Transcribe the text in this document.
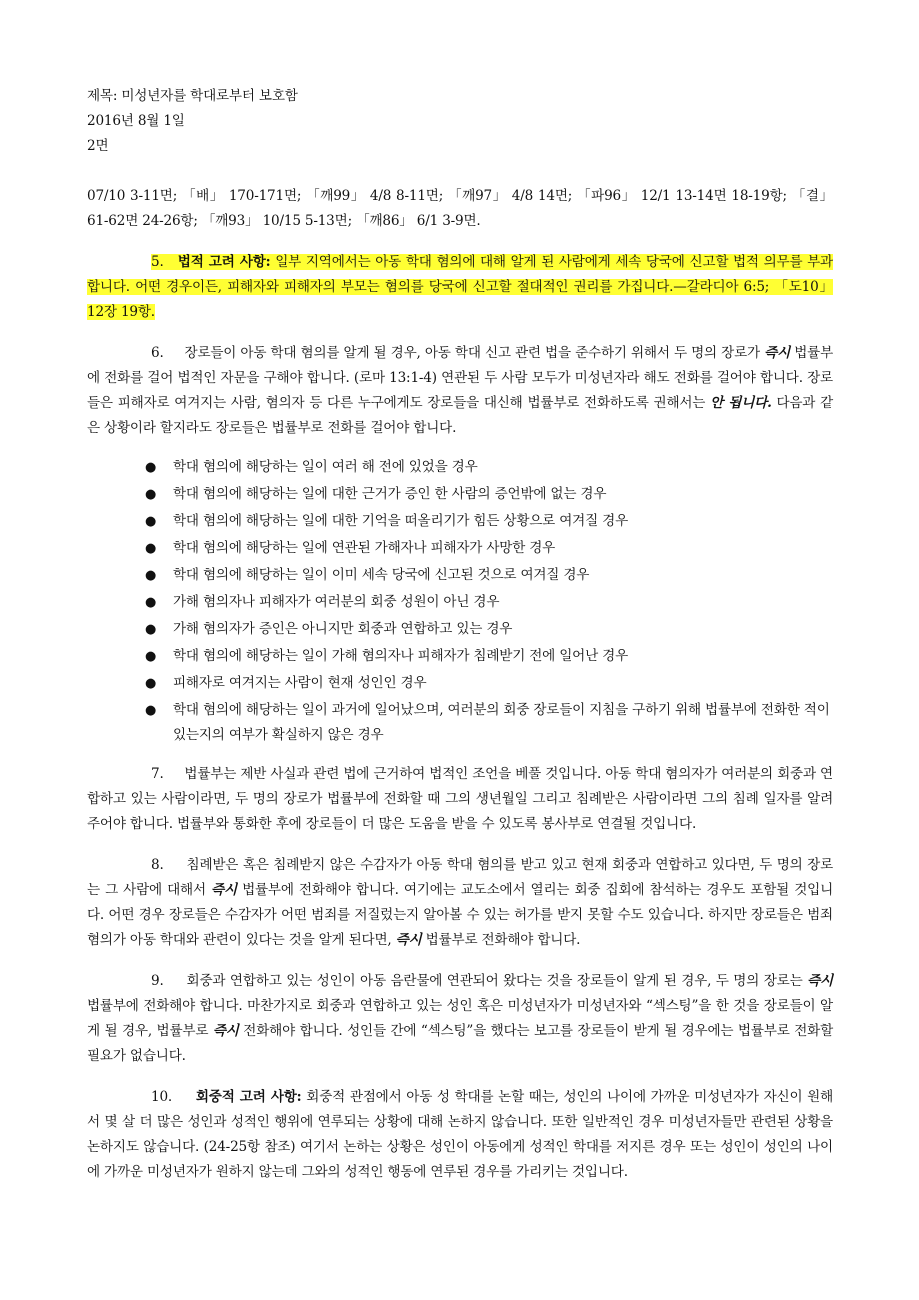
제목: 미성년자를 학대로부터 보호함
2016년 8월 1일
2면
07/10 3-11면; 「배」 170-171면; 「깨99」 4/8 8-11면; 「깨97」 4/8 14면; 「파96」 12/1 13-14면 18-19항; 「결」 61-62면 24-26항; 「깨93」 10/15 5-13면; 「깨86」 6/1 3-9면.

5. 법적 고려 사항: 일부 지역에서는 아동 학대 혐의에 대해 알게 된 사람에게 세속 당국에 신고할 법적 의무를 부과합니다. 어떤 경우이든, 피해자와 피해자의 부모는 혐의를 당국에 신고할 절대적인 권리를 가집니다.—갈라디아 6:5; 「도10」 12장 19항.

6. 장로들이 아동 학대 혐의를 알게 될 경우, 아동 학대 신고 관련 법을 준수하기 위해서 두 명의 장로가 즉시 법률부에 전화를 걸어 법적인 자문을 구해야 합니다. (로마 13:1-4) 연관된 두 사람 모두가 미성년자라 해도 전화를 걸어야 합니다. 장로들은 피해자로 여겨지는 사람, 혐의자 등 다른 누구에게도 장로들을 대신해 법률부로 전화하도록 권해서는 안 됩니다. 다음과 같은 상황이라 할지라도 장로들은 법률부로 전화를 걸어야 합니다.

● 학대 혐의에 해당하는 일이 여러 해 전에 있었을 경우
● 학대 혐의에 해당하는 일에 대한 근거가 증인 한 사람의 증언밖에 없는 경우
● 학대 혐의에 해당하는 일에 대한 기억을 떠올리기가 힘든 상황으로 여겨질 경우
● 학대 혐의에 해당하는 일에 연관된 가해자나 피해자가 사망한 경우
● 학대 혐의에 해당하는 일이 이미 세속 당국에 신고된 것으로 여겨질 경우
● 가해 혐의자나 피해자가 여러분의 회중 성원이 아닌 경우
● 가해 혐의자가 증인은 아니지만 회중과 연합하고 있는 경우
● 학대 혐의에 해당하는 일이 가해 혐의자나 피해자가 침례받기 전에 일어난 경우
● 피해자로 여겨지는 사람이 현재 성인인 경우
● 학대 혐의에 해당하는 일이 과거에 일어났으며, 여러분의 회중 장로들이 지침을 구하기 위해 법률부에 전화한 적이 있는지의 여부가 확실하지 않은 경우

7. 법률부는 제반 사실과 관련 법에 근거하여 법적인 조언을 베풀 것입니다. 아동 학대 혐의자가 여러분의 회중과 연합하고 있는 사람이라면, 두 명의 장로가 법률부에 전화할 때 그의 생년월일 그리고 침례받은 사람이라면 그의 침례 일자를 알려 주어야 합니다. 법률부와 통화한 후에 장로들이 더 많은 도움을 받을 수 있도록 봉사부로 연결될 것입니다.

8. 침례받은 혹은 침례받지 않은 수감자가 아동 학대 혐의를 받고 있고 현재 회중과 연합하고 있다면, 두 명의 장로는 그 사람에 대해서 즉시 법률부에 전화해야 합니다. 여기에는 교도소에서 열리는 회중 집회에 참석하는 경우도 포함될 것입니다. 어떤 경우 장로들은 수감자가 어떤 범죄를 저질렀는지 알아볼 수 있는 허가를 받지 못할 수도 있습니다. 하지만 장로들은 범죄 혐의가 아동 학대와 관련이 있다는 것을 알게 된다면, 즉시 법률부로 전화해야 합니다.

9. 회중과 연합하고 있는 성인이 아동 음란물에 연관되어 왔다는 것을 장로들이 알게 된 경우, 두 명의 장로는 즉시 법률부에 전화해야 합니다. 마찬가지로 회중과 연합하고 있는 성인 혹은 미성년자가 미성년자와 “섹스팅”을 한 것을 장로들이 알게 될 경우, 법률부로 즉시 전화해야 합니다. 성인들 간에 “섹스팅”을 했다는 보고를 장로들이 받게 될 경우에는 법률부로 전화할 필요가 없습니다.

10. 회중적 고려 사항: 회중적 관점에서 아동 성 학대를 논할 때는, 성인의 나이에 가까운 미성년자가 자신이 원해서 몇 살 더 많은 성인과 성적인 행위에 연루되는 상황에 대해 논하지 않습니다. 또한 일반적인 경우 미성년자들만 관련된 상황을 논하지도 않습니다. (24-25항 참조) 여기서 논하는 상황은 성인이 아동에게 성적인 학대를 저지른 경우 또는 성인이 성인의 나이에 가까운 미성년자가 원하지 않는데 그와의 성적인 행동에 연루된 경우를 가리키는 것입니다.
